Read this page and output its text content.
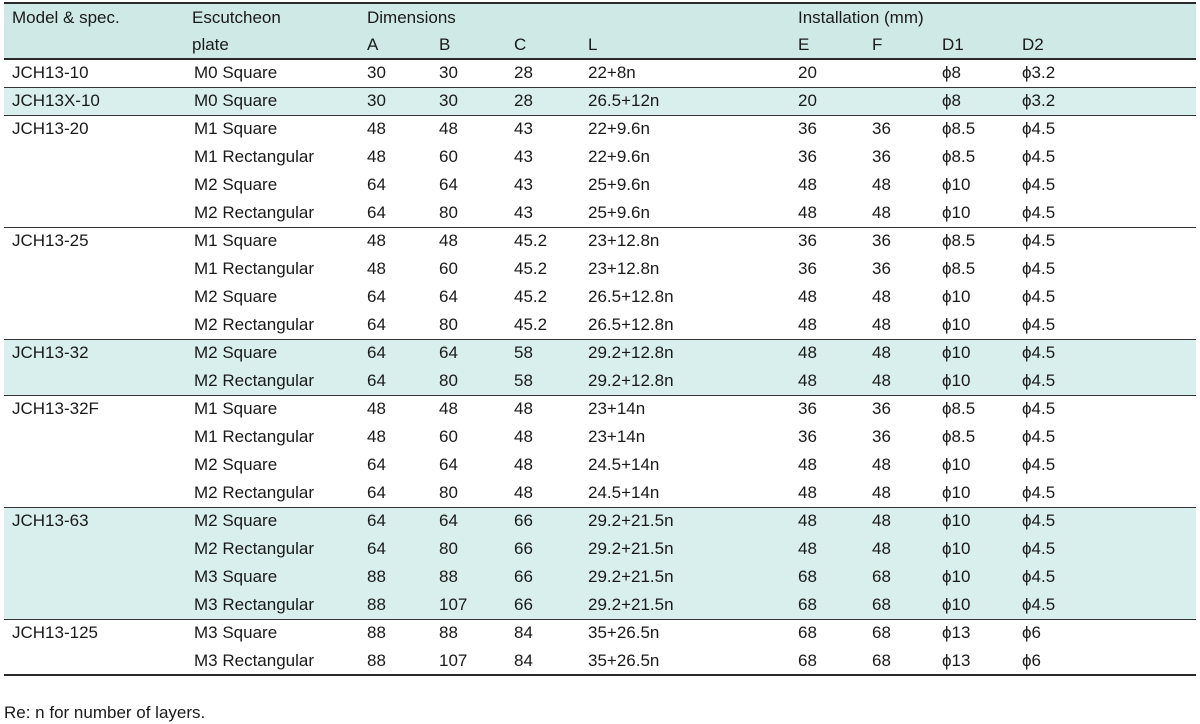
Model & spec.	Escutcheon	Dimensions				Installation (mm)			
	plate	A	B	C	L	E	F	D1	D2
JCH13-10	M0 Square	30	30	28	22+8n	20		ϕ8	ϕ3.2
JCH13X-10	M0 Square	30	30	28	26.5+12n	20		ϕ8	ϕ3.2
JCH13-20	M1 Square	48	48	43	22+9.6n	36	36	ϕ8.5	ϕ4.5
	M1 Rectangular	48	60	43	22+9.6n	36	36	ϕ8.5	ϕ4.5
	M2 Square	64	64	43	25+9.6n	48	48	ϕ10	ϕ4.5
	M2 Rectangular	64	80	43	25+9.6n	48	48	ϕ10	ϕ4.5
JCH13-25	M1 Square	48	48	45.2	23+12.8n	36	36	ϕ8.5	ϕ4.5
	M1 Rectangular	48	60	45.2	23+12.8n	36	36	ϕ8.5	ϕ4.5
	M2 Square	64	64	45.2	26.5+12.8n	48	48	ϕ10	ϕ4.5
	M2 Rectangular	64	80	45.2	26.5+12.8n	48	48	ϕ10	ϕ4.5
JCH13-32	M2 Square	64	64	58	29.2+12.8n	48	48	ϕ10	ϕ4.5
	M2 Rectangular	64	80	58	29.2+12.8n	48	48	ϕ10	ϕ4.5
JCH13-32F	M1 Square	48	48	48	23+14n	36	36	ϕ8.5	ϕ4.5
	M1 Rectangular	48	60	48	23+14n	36	36	ϕ8.5	ϕ4.5
	M2 Square	64	64	48	24.5+14n	48	48	ϕ10	ϕ4.5
	M2 Rectangular	64	80	48	24.5+14n	48	48	ϕ10	ϕ4.5
JCH13-63	M2 Square	64	64	66	29.2+21.5n	48	48	ϕ10	ϕ4.5
	M2 Rectangular	64	80	66	29.2+21.5n	48	48	ϕ10	ϕ4.5
	M3 Square	88	88	66	29.2+21.5n	68	68	ϕ10	ϕ4.5
	M3 Rectangular	88	107	66	29.2+21.5n	68	68	ϕ10	ϕ4.5
JCH13-125	M3 Square	88	88	84	35+26.5n	68	68	ϕ13	ϕ6
	M3 Rectangular	88	107	84	35+26.5n	68	68	ϕ13	ϕ6
Re: n for number of layers.
